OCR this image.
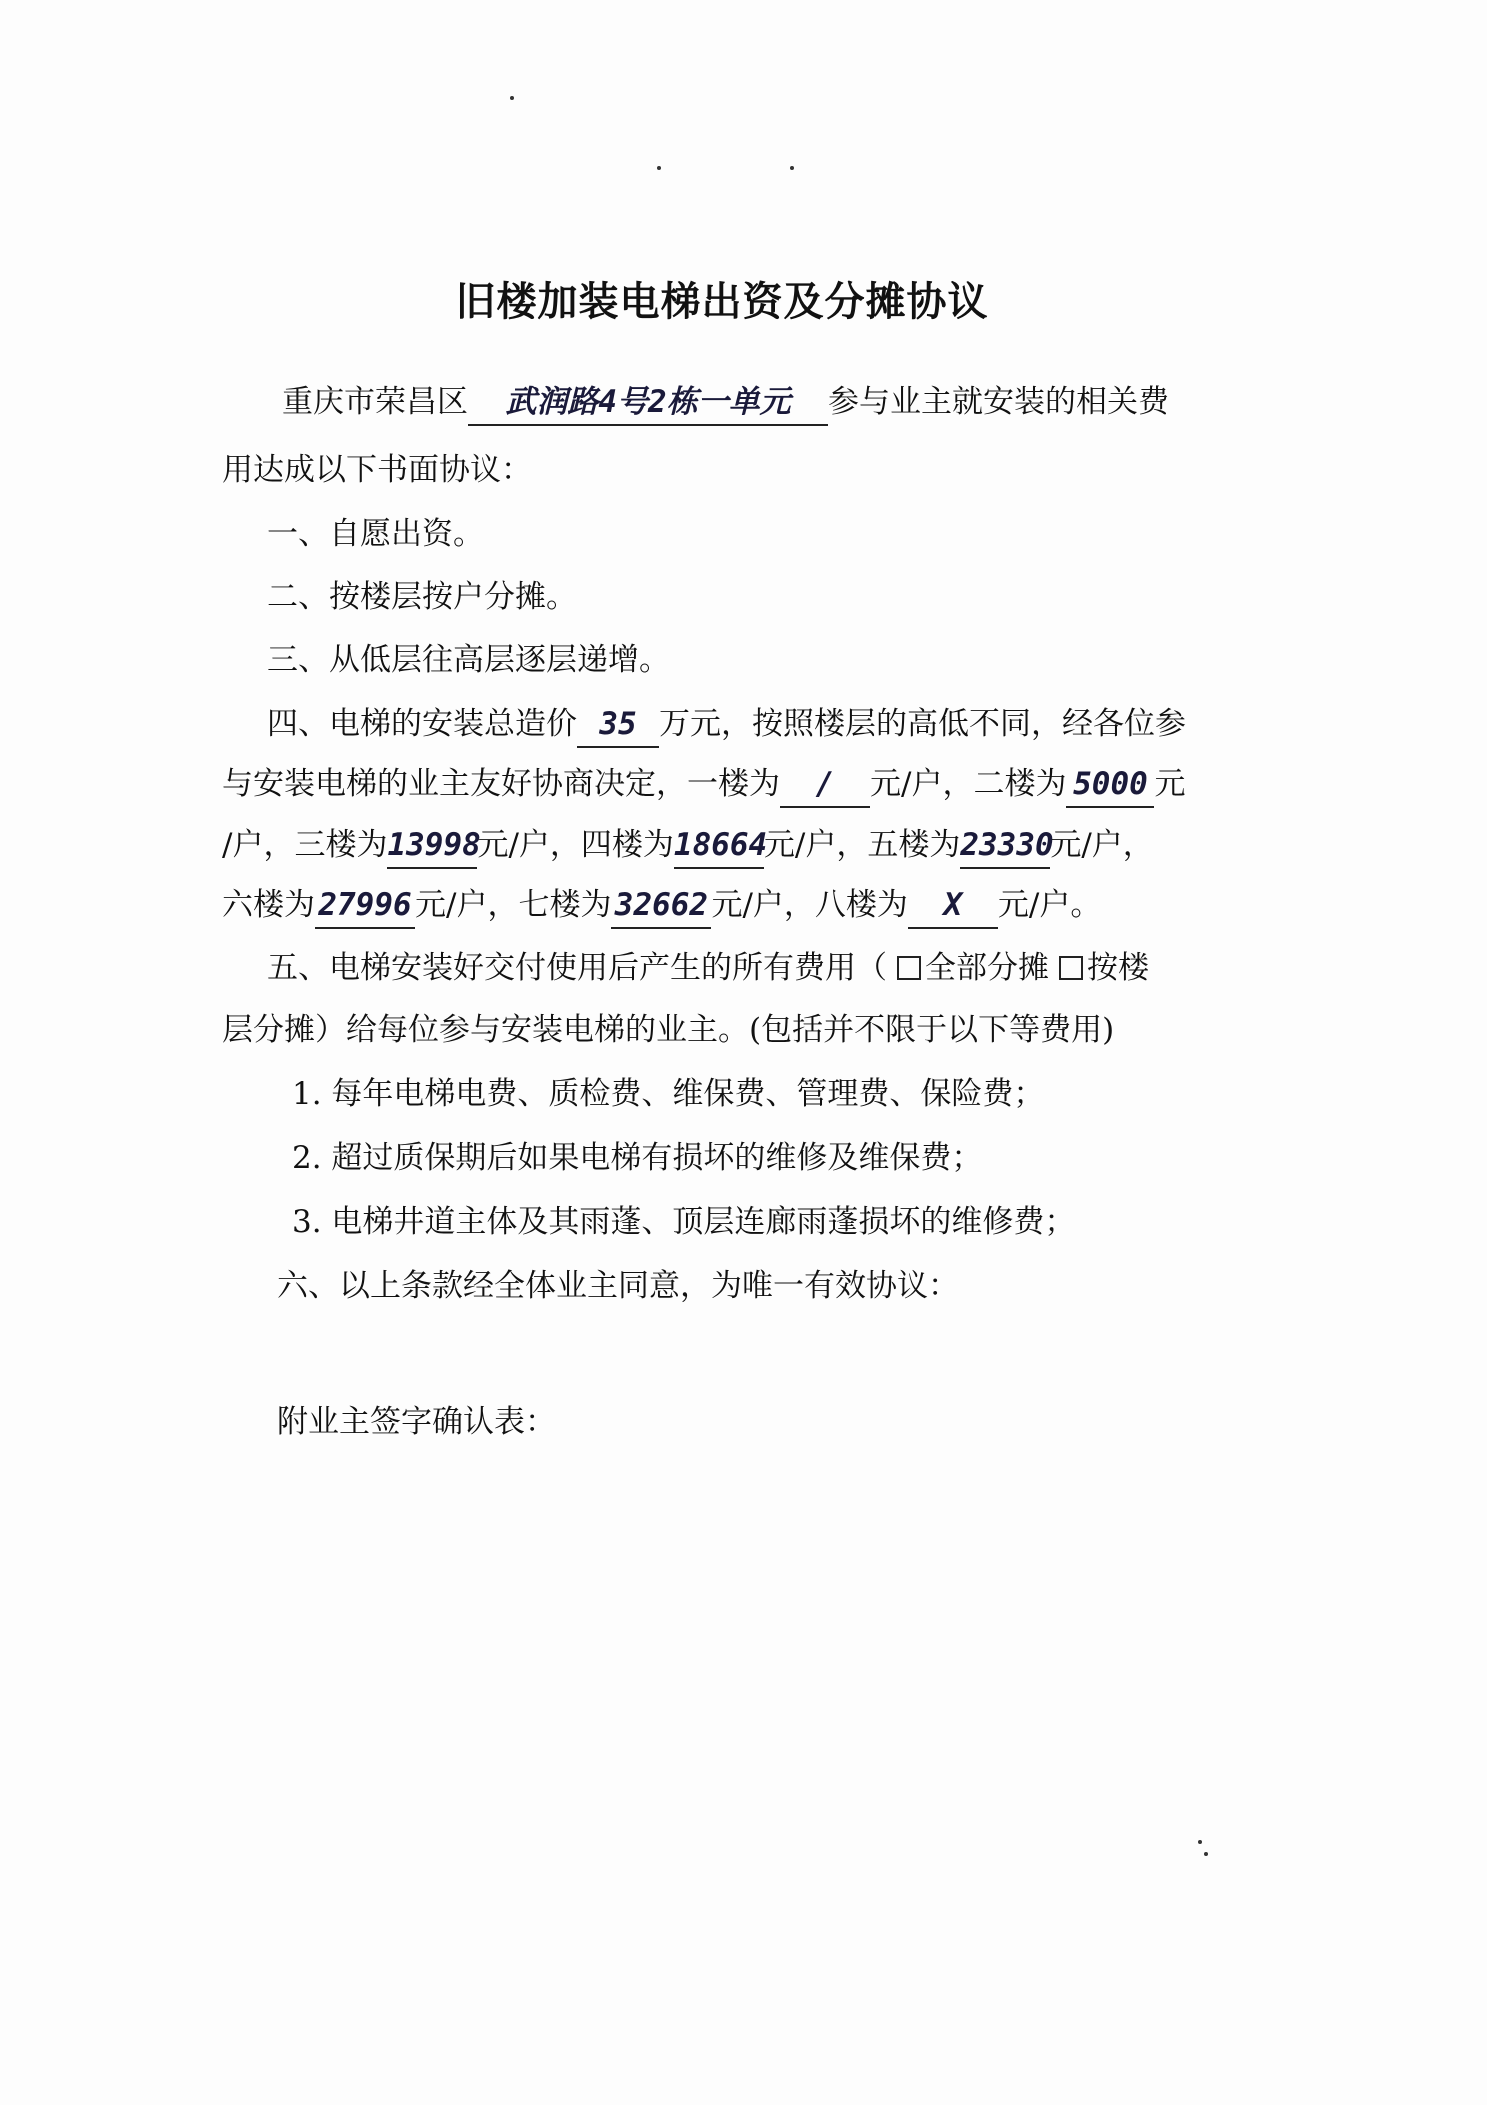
旧楼加装电梯出资及分摊协议
重庆市荣昌区 武润路4号2栋一单元 参与业主就安装的相关费
用达成以下书面协议：
一、自愿出资。
二、按楼层按户分摊。
三、从低层往高层逐层递增。
四、电梯的安装总造价 35 万元，按照楼层的高低不同，经各位参
与安装电梯的业主友好协商决定，一楼为 / 元/户，二楼为 5000 元
/户，三楼为13998元/户，四楼为18664元/户，五楼为23330元/户，
六楼为 27996 元/户，七楼为 32662 元/户，八楼为 X 元/户。
五、电梯安装好交付使用后产生的所有费用（ 全部分摊 按楼
层分摊）给每位参与安装电梯的业主。(包括并不限于以下等费用)
1. 每年电梯电费、质检费、维保费、管理费、保险费；
2. 超过质保期后如果电梯有损坏的维修及维保费；
3. 电梯井道主体及其雨蓬、顶层连廊雨蓬损坏的维修费；
六、以上条款经全体业主同意，为唯一有效协议：
附业主签字确认表：
